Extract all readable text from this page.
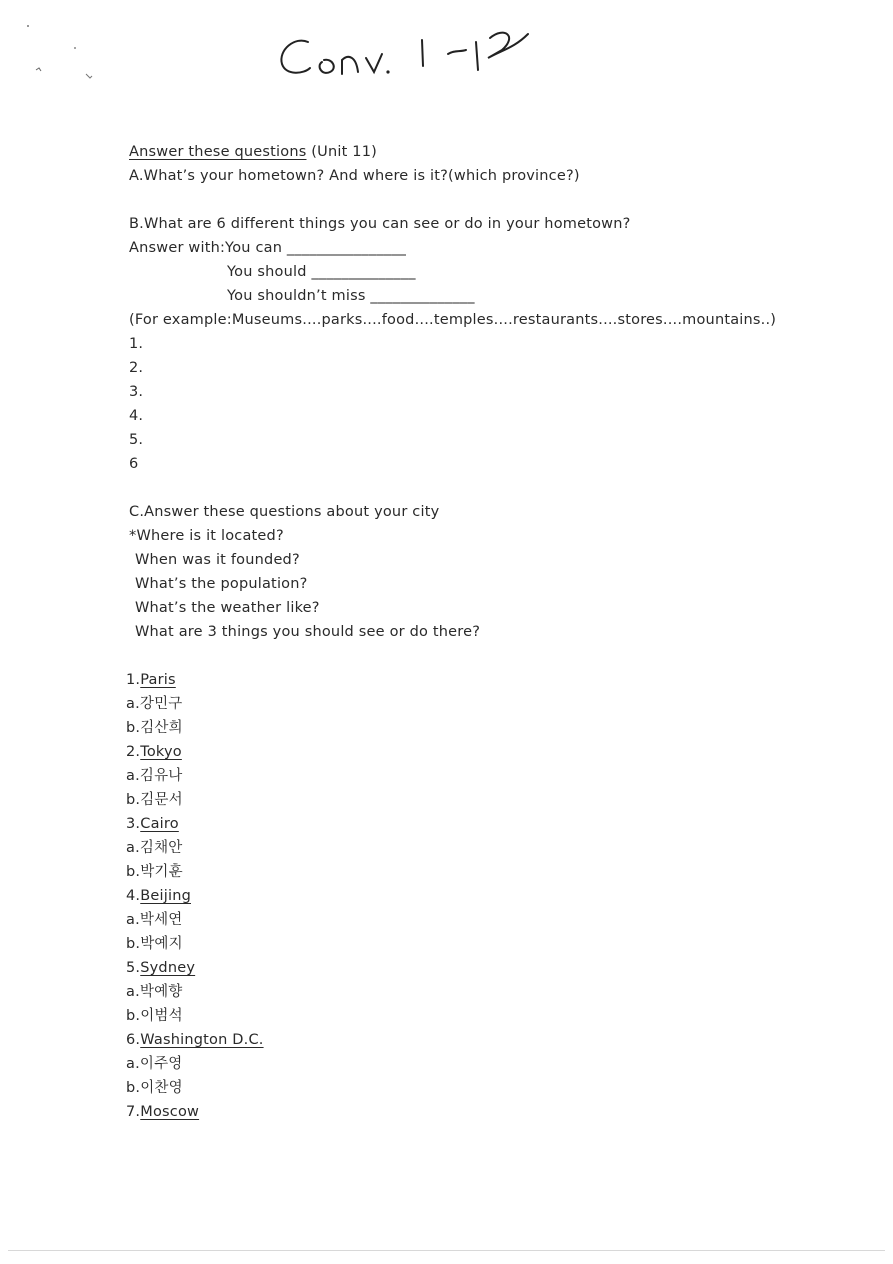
Answer these questions (Unit 11)
A.What’s your hometown? And where is it?(which province?)
B.What are 6 different things you can see or do in your hometown?
Answer with:You can ________________
You should ______________
You shouldn’t miss ______________
(For example:Museums....parks....food....temples....restaurants....stores....mountains..)
1.
2.
3.
4.
5.
6
C.Answer these questions about your city
*Where is it located?
When was it founded?
What’s the population?
What’s the weather like?
What are 3 things you should see or do there?
1.Paris
a.강민구
b.김산희
2.Tokyo
a.김유나
b.김문서
3.Cairo
a.김채안
b.박기훈
4.Beijing
a.박세연
b.박예지
5.Sydney
a.박예향
b.이범석
6.Washington D.C.
a.이주영
b.이찬영
7.Moscow
